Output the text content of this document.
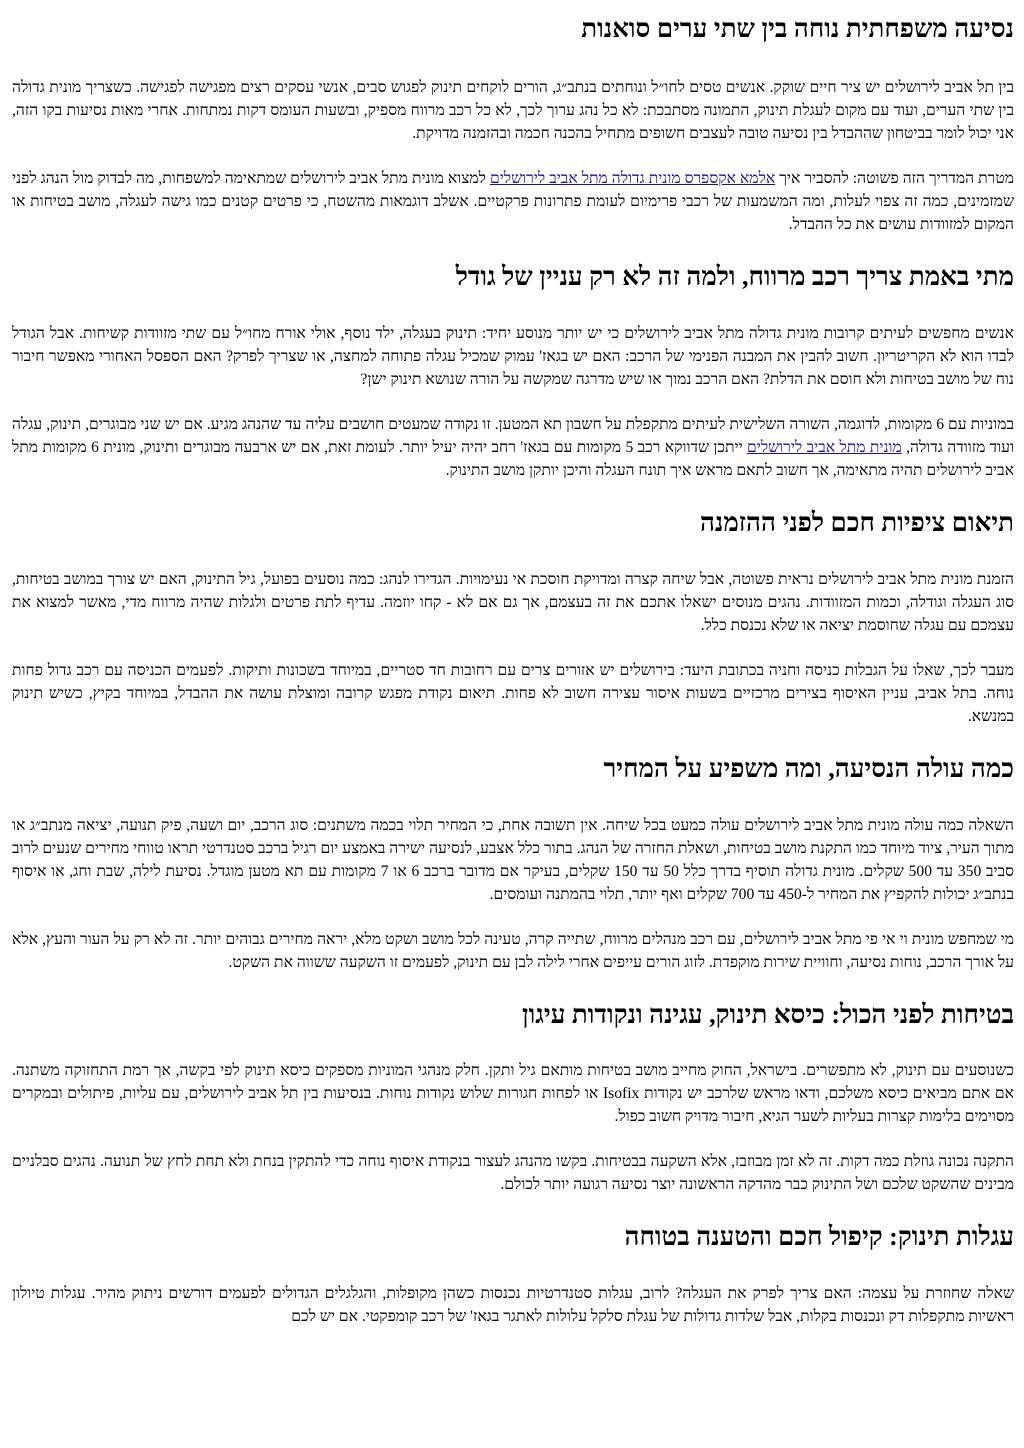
נסיעה משפחתית נוחה בין שתי ערים סואנות

בין תל אביב לירושלים יש ציר חיים שוקק. אנשים טסים לחו״ל ונוחתים בנתב״ג, הורים לוקחים תינוק לפגוש סבים, אנשי עסקים רצים מפגישה לפגישה. כשצריך מונית גדולה בין שתי הערים, ועוד עם מקום לעגלת תינוק, התמונה מסתבכת: לא כל נהג ערוך לכך, לא כל רכב מרווח מספיק, ובשעות העומס דקות נמתחות. אחרי מאות נסיעות בקו הזה, אני יכול לומר בביטחון שההבדל בין נסיעה טובה לעצבים חשופים מתחיל בהכנה חכמה ובהזמנה מדויקת.

מטרת המדריך הזה פשוטה: להסביר איך אלמא אקספרס מונית גדולה מתל אביב לירושלים למצוא מונית מתל אביב לירושלים שמתאימה למשפחות, מה לבדוק מול הנהג לפני שמזמינים, כמה זה צפוי לעלות, ומה המשמעות של רכבי פרימיום לעומת פתרונות פרקטיים. אשלב דוגמאות מהשטח, כי פרטים קטנים כמו גישה לעגלה, מושב בטיחות או המקום למזוודות עושים את כל ההבדל.

מתי באמת צריך רכב מרווח, ולמה זה לא רק עניין של גודל

אנשים מחפשים לעיתים קרובות מונית גדולה מתל אביב לירושלים כי יש יותר מנוסע יחיד: תינוק בעגלה, ילד נוסף, אולי אורח מחו״ל עם שתי מזוודות קשיחות. אבל הגודל לבדו הוא לא הקריטריון. חשוב להבין את המבנה הפנימי של הרכב: האם יש בגאז' עמוק שמכיל עגלה פתוחה למחצה, או שצריך לפרק? האם הספסל האחורי מאפשר חיבור נוח של מושב בטיחות ולא חוסם את הדלת? האם הרכב נמוך או שיש מדרגה שמקשה על הורה שנושא תינוק ישן?

במוניות עם 6 מקומות, לדוגמה, השורה השלישית לעיתים מתקפלת על חשבון תא המטען. זו נקודה שמעטים חושבים עליה עד שהנהג מגיע. אם יש שני מבוגרים, תינוק, עגלה ועוד מזוודה גדולה, מונית מתל אביב לירושלים ייתכן שדווקא רכב 5 מקומות עם בגאז' רחב יהיה יעיל יותר. לעומת זאת, אם יש ארבעה מבוגרים ותינוק, מונית 6 מקומות מתל אביב לירושלים תהיה מתאימה, אך חשוב לתאם מראש איך תונח העגלה והיכן יותקן מושב התינוק.

תיאום ציפיות חכם לפני ההזמנה

הזמנת מונית מתל אביב לירושלים נראית פשוטה, אבל שיחה קצרה ומדויקת חוסכת אי נעימויות. הגדירו לנהג: כמה נוסעים בפועל, גיל התינוק, האם יש צורך במושב בטיחות, סוג העגלה וגודלה, וכמות המזוודות. נהגים מנוסים ישאלו אתכם את זה בעצמם, אך גם אם לא - קחו יוזמה. עדיף לתת פרטים ולגלות שהיה מרווח מדי, מאשר למצוא את עצמכם עם עגלה שחוסמת יציאה או שלא נכנסת כלל.

מעבר לכך, שאלו על הגבלות כניסה וחניה בכתובת היעד: בירושלים יש אזורים צרים עם רחובות חד סטריים, במיוחד בשכונות ותיקות. לפעמים הכניסה עם רכב גדול פחות נוחה. בתל אביב, עניין האיסוף בצירים מרכזיים בשעות איסור עצירה חשוב לא פחות. תיאום נקודת מפגש קרובה ומוצלת עושה את ההבדל, במיוחד בקיץ, כשיש תינוק במנשא.

כמה עולה הנסיעה, ומה משפיע על המחיר

השאלה כמה עולה מונית מתל אביב לירושלים עולה כמעט בכל שיחה. אין תשובה אחת, כי המחיר תלוי בכמה משתנים: סוג הרכב, יום ושעה, פיק תנועה, יציאה מנתב״ג או מתוך העיר, ציוד מיוחד כמו התקנת מושב בטיחות, ושאלת החזרה של הנהג. בתור כלל אצבע, לנסיעה ישירה באמצע יום רגיל ברכב סטנדרטי תראו טווחי מחירים שנעים לרוב סביב 350 עד 500 שקלים. מונית גדולה תוסיף בדרך כלל 50 עד 150 שקלים, בעיקר אם מדובר ברכב 6 או 7 מקומות עם תא מטען מוגדל. נסיעת לילה, שבת וחג, או איסוף בנתב״ג יכולות להקפיץ את המחיר ל-450 עד 700 שקלים ואף יותר, תלוי בהמתנה ועומסים.

מי שמחפש מונית וי אי פי מתל אביב לירושלים, עם רכב מנהלים מרווח, שתייה קרה, טעינה לכל מושב ושקט מלא, יראה מחירים גבוהים יותר. זה לא רק על העור והעץ, אלא על אורך הרכב, נוחות נסיעה, וחוויית שירות מוקפדת. לזוג הורים עייפים אחרי לילה לבן עם תינוק, לפעמים זו השקעה ששווה את השקט.

בטיחות לפני הכול: כיסא תינוק, עגינה ונקודות עיגון

כשנוסעים עם תינוק, לא מתפשרים. בישראל, החוק מחייב מושב בטיחות מותאם גיל ותקן. חלק מנהגי המוניות מספקים כיסא תינוק לפי בקשה, אך רמת התחזוקה משתנה. אם אתם מביאים כיסא משלכם, ודאו מראש שלרכב יש נקודות Isofix או לפחות חגורות שלוש נקודות נוחות. בנסיעות בין תל אביב לירושלים, עם עליות, פיתולים ובמקרים מסוימים בלימות קצרות בעליות לשער הגיא, חיבור מדויק חשוב כפול.

התקנה נכונה גוזלת כמה דקות. זה לא זמן מבוזבז, אלא השקעה בבטיחות. בקשו מהנהג לעצור בנקודת איסוף נוחה כדי להתקין בנחת ולא תחת לחץ של תנועה. נהגים סבלניים מבינים שהשקט שלכם ושל התינוק כבר מהדקה הראשונה יוצר נסיעה רגועה יותר לכולם.

עגלות תינוק: קיפול חכם והטענה בטוחה

שאלה שחוזרת על עצמה: האם צריך לפרק את העגלה? לרוב, עגלות סטנדרטיות נכנסות כשהן מקופלות, והגלגלים הגדולים לפעמים דורשים ניתוק מהיר. עגלות טיולון ראשיות מתקפלות דק ונכנסות בקלות, אבל שלדות גדולות של עגלת סלקל עלולות לאתגר בגאז' של רכב קומפקטי. אם יש לכם
